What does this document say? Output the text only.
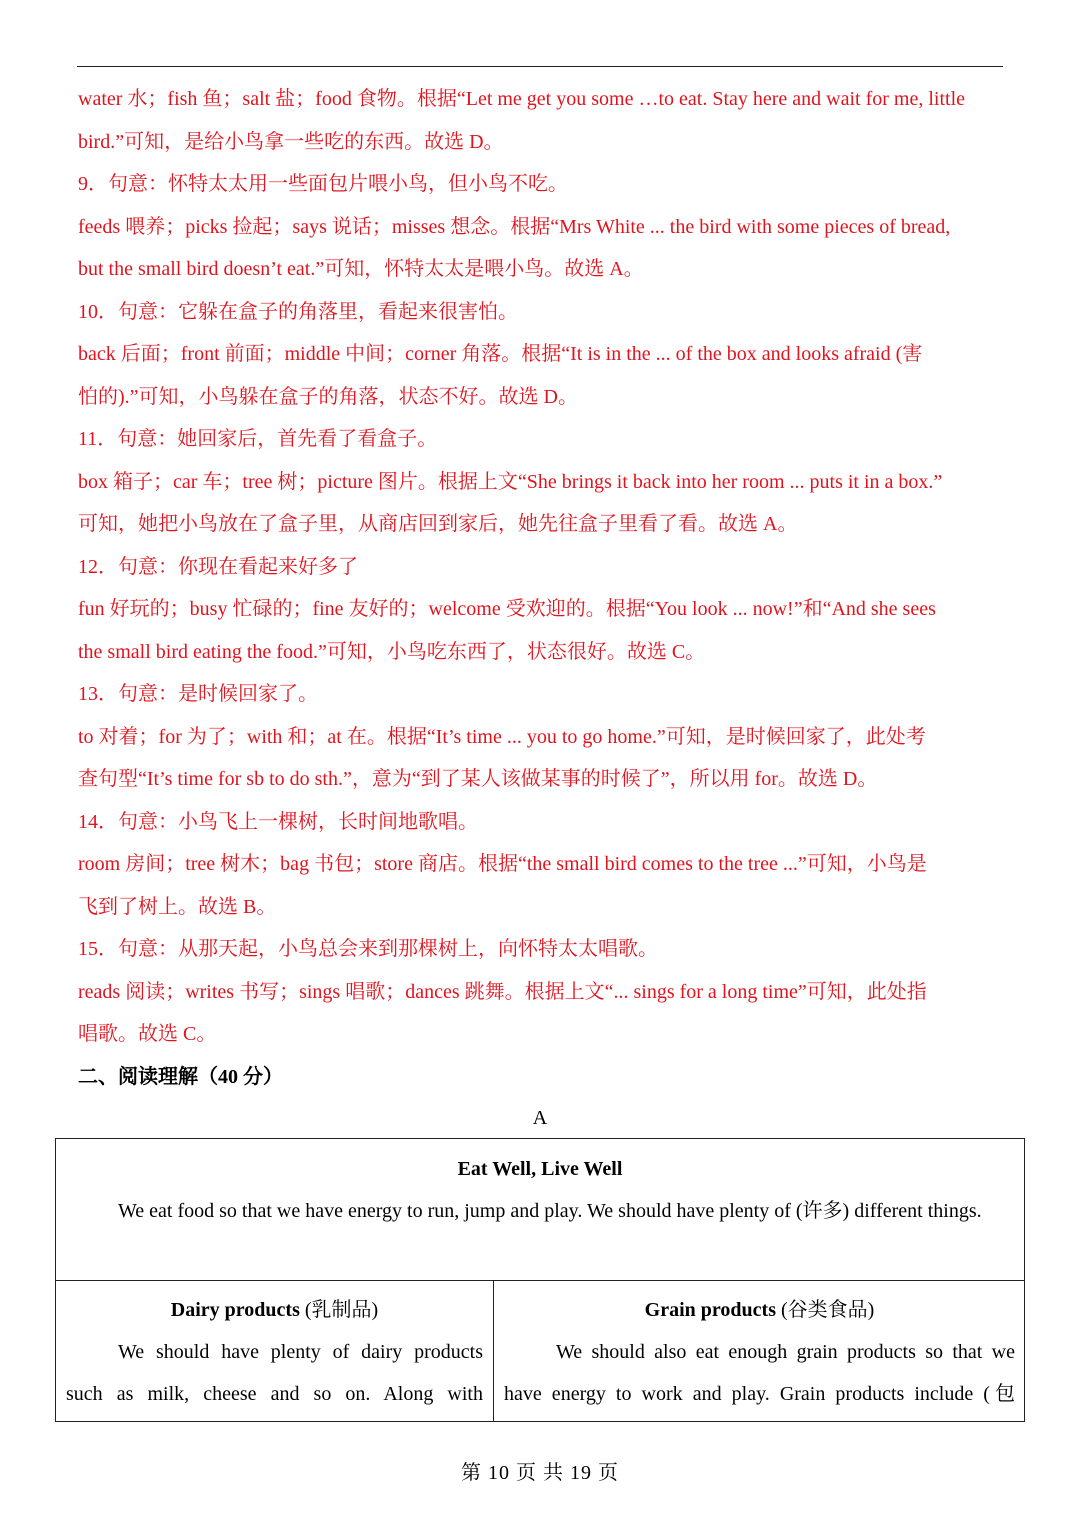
water 水；fish 鱼；salt 盐；food 食物。根据“Let me get you some …to eat. Stay here and wait for me, little
bird.”可知，是给小鸟拿一些吃的东西。故选 D。
9．句意：怀特太太用一些面包片喂小鸟，但小鸟不吃。
feeds 喂养；picks 捡起；says 说话；misses 想念。根据“Mrs White ... the bird with some pieces of bread,
but the small bird doesn’t eat.”可知，怀特太太是喂小鸟。故选 A。
10．句意：它躲在盒子的角落里，看起来很害怕。
back 后面；front 前面；middle 中间；corner 角落。根据“It is in the ... of the box and looks afraid (害
怕的).”可知，小鸟躲在盒子的角落，状态不好。故选 D。
11．句意：她回家后，首先看了看盒子。
box 箱子；car 车；tree 树；picture 图片。根据上文“She brings it back into her room ... puts it in a box.”
可知，她把小鸟放在了盒子里，从商店回到家后，她先往盒子里看了看。故选 A。
12．句意：你现在看起来好多了
fun 好玩的；busy 忙碌的；fine 友好的；welcome 受欢迎的。根据“You look ... now!”和“And she sees
the small bird eating the food.”可知，小鸟吃东西了，状态很好。故选 C。
13．句意：是时候回家了。
to 对着；for 为了；with 和；at 在。根据“It’s time ... you to go home.”可知，是时候回家了，此处考
查句型“It’s time for sb to do sth.”，意为“到了某人该做某事的时候了”，所以用 for。故选 D。
14．句意：小鸟飞上一棵树，长时间地歌唱。
room 房间；tree 树木；bag 书包；store 商店。根据“the small bird comes to the tree ...”可知，小鸟是
飞到了树上。故选 B。
15．句意：从那天起，小鸟总会来到那棵树上，向怀特太太唱歌。
reads 阅读；writes 书写；sings 唱歌；dances 跳舞。根据上文“... sings for a long time”可知，此处指
唱歌。故选 C。
二、阅读理解（40 分）
A
Eat Well, Live Well
We eat food so that we have energy to run, jump and play. We should have plenty of (许多) different things.
Dairy products (乳制品)
We should have plenty of dairy products
such as milk, cheese and so on. Along with
Grain products (谷类食品)
We should also eat enough grain products so that we
have energy to work and play. Grain products include (包
第 10 页 共 19 页
